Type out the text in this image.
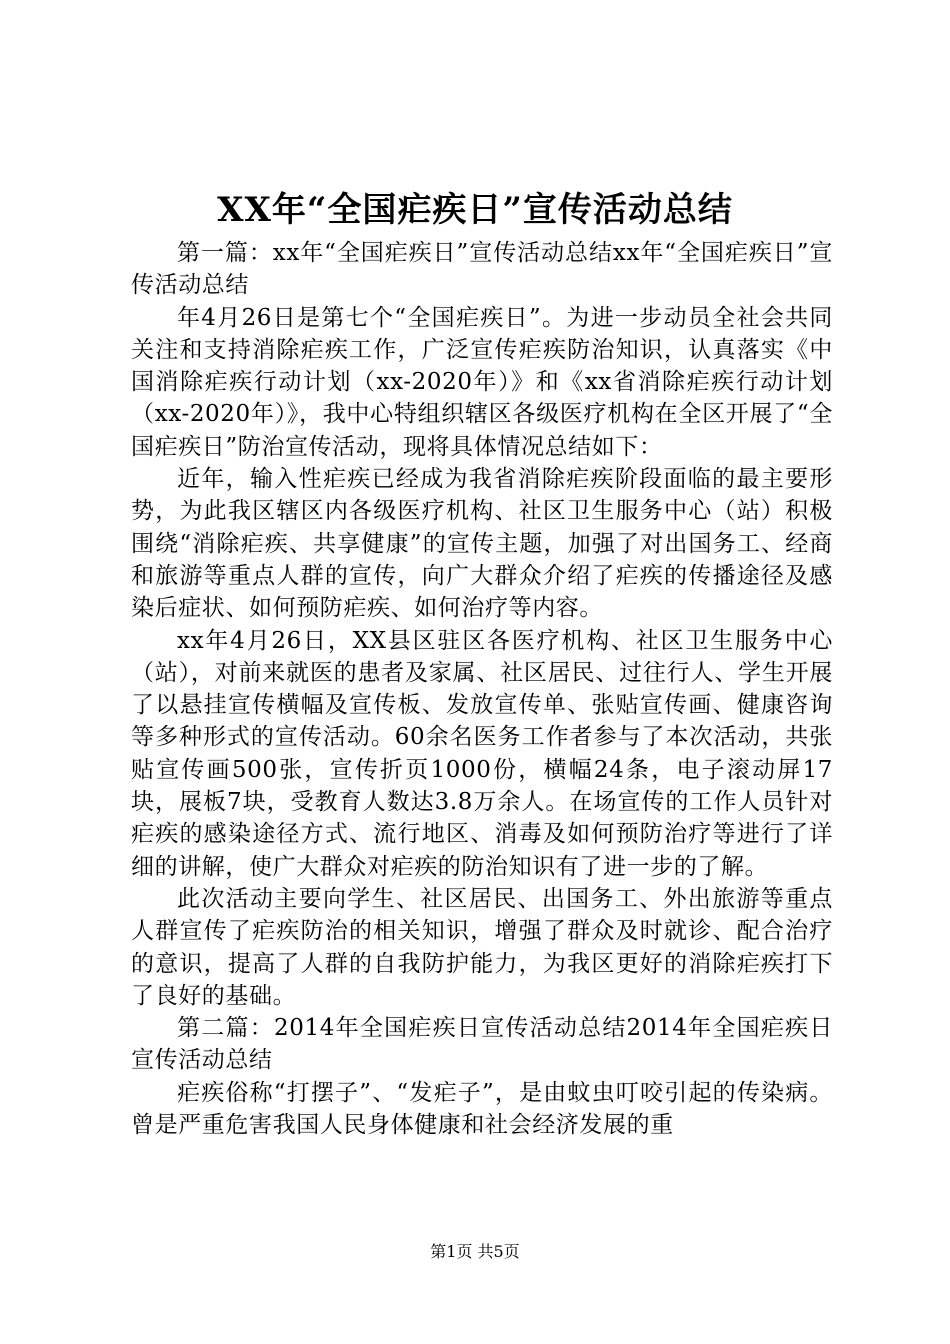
XX年“全国疟疾日”宣传活动总结

第一篇：xx年“全国疟疾日”宣传活动总结xx年“全国疟疾日”宣传活动总结

年4月26日是第七个“全国疟疾日”。为进一步动员全社会共同关注和支持消除疟疾工作，广泛宣传疟疾防治知识，认真落实《中国消除疟疾行动计划（xx-2020年）》和《xx省消除疟疾行动计划（xx-2020年）》，我中心特组织辖区各级医疗机构在全区开展了“全国疟疾日”防治宣传活动，现将具体情况总结如下：

近年，输入性疟疾已经成为我省消除疟疾阶段面临的最主要形势，为此我区辖区内各级医疗机构、社区卫生服务中心（站）积极围绕“消除疟疾、共享健康”的宣传主题，加强了对出国务工、经商和旅游等重点人群的宣传，向广大群众介绍了疟疾的传播途径及感染后症状、如何预防疟疾、如何治疗等内容。

xx年4月26日，XX县区驻区各医疗机构、社区卫生服务中心（站），对前来就医的患者及家属、社区居民、过往行人、学生开展了以悬挂宣传横幅及宣传板、发放宣传单、张贴宣传画、健康咨询等多种形式的宣传活动。60余名医务工作者参与了本次活动，共张贴宣传画500张，宣传折页1000份，横幅24条，电子滚动屏17块，展板7块，受教育人数达3.8万余人。在场宣传的工作人员针对疟疾的感染途径方式、流行地区、消毒及如何预防治疗等进行了详细的讲解，使广大群众对疟疾的防治知识有了进一步的了解。

此次活动主要向学生、社区居民、出国务工、外出旅游等重点人群宣传了疟疾防治的相关知识，增强了群众及时就诊、配合治疗的意识，提高了人群的自我防护能力，为我区更好的消除疟疾打下了良好的基础。

第二篇：2014年全国疟疾日宣传活动总结2014年全国疟疾日宣传活动总结

疟疾俗称“打摆子”、“发疟子”，是由蚊虫叮咬引起的传染病。曾是严重危害我国人民身体健康和社会经济发展的重

第1页 共5页
